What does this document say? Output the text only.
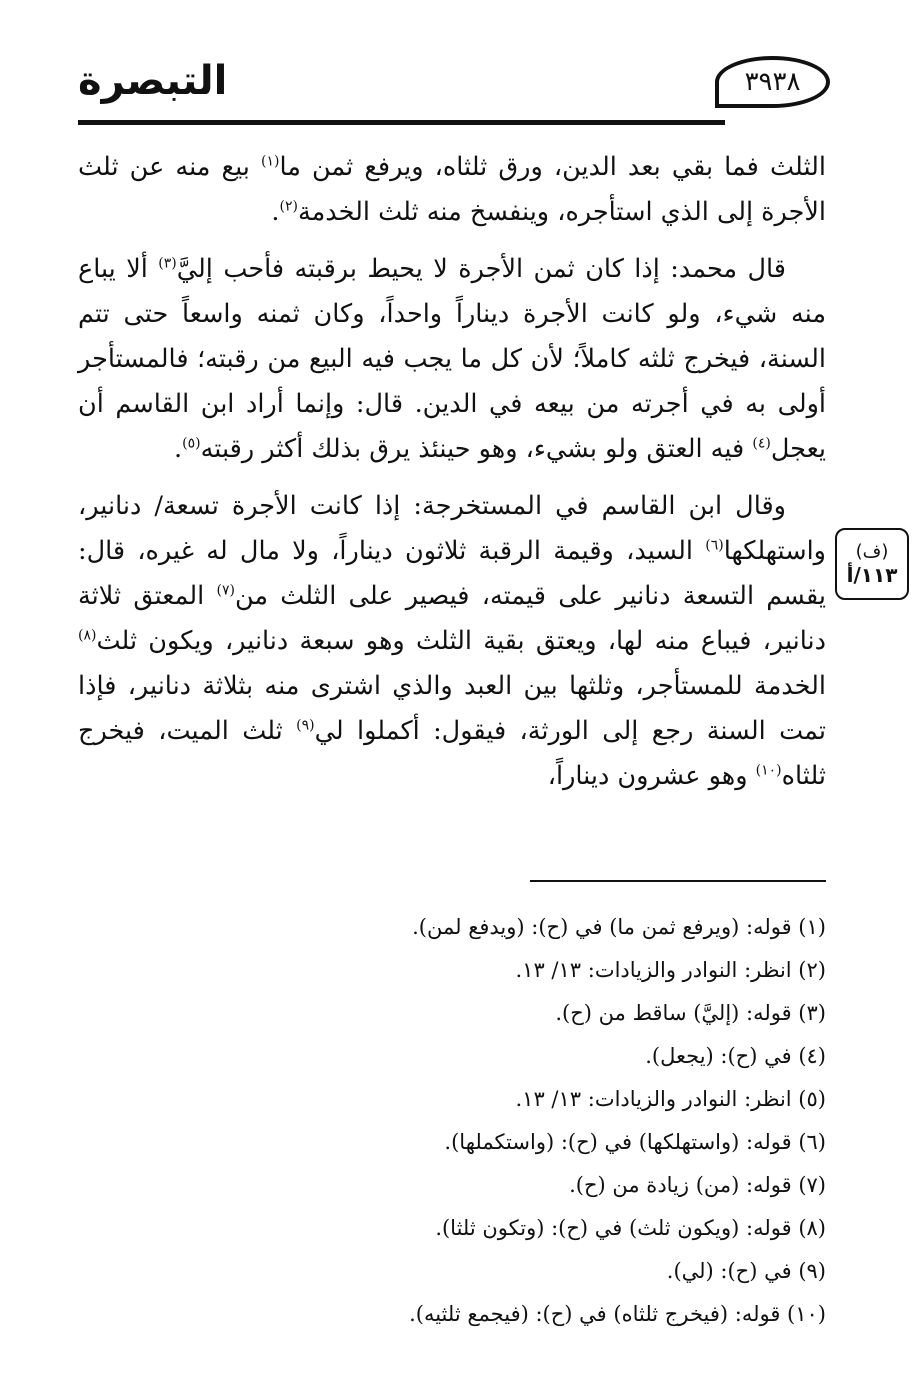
التبصرة	٣٩٣٨

الثلث فما بقي بعد الدين، ورق ثلثاه، ويرفع ثمن ما$^{(١)}$ بيع منه عن ثلث الأجرة إلى الذي استأجره، وينفسخ منه ثلث الخدمة$^{(٢)}$.

قال محمد: إذا كان ثمن الأجرة لا يحيط برقبته فأحب إليَّ$^{(٣)}$ ألا يباع منه شيء، ولو كانت الأجرة ديناراً واحداً، وكان ثمنه واسعاً حتى تتم السنة، فيخرج ثلثه كاملاً؛ لأن كل ما يجب فيه البيع من رقبته؛ فالمستأجر أولى به في أجرته من بيعه في الدين. قال: وإنما أراد ابن القاسم أن يعجل$^{(٤)}$ فيه العتق ولو بشيء، وهو حينئذ يرق بذلك أكثر رقبته$^{(٥)}$.

وقال ابن القاسم في المستخرجة: إذا كانت الأجرة تسعة/ دنانير، واستهلكها$^{(٦)}$ السيد، وقيمة الرقبة ثلاثون ديناراً، ولا مال له غيره، قال: يقسم التسعة دنانير على قيمته، فيصير على الثلث من$^{(٧)}$ المعتق ثلاثة دنانير، فيباع منه لها، ويعتق بقية الثلث وهو سبعة دنانير، ويكون ثلث$^{(٨)}$ الخدمة للمستأجر، وثلثها بين العبد والذي اشترى منه بثلاثة دنانير، فإذا تمت السنة رجع إلى الورثة، فيقول: أكملوا لي$^{(٩)}$ ثلث الميت، فيخرج ثلثاه$^{(١٠)}$ وهو عشرون ديناراً،

(ف)
١١٣/أ
(١) قوله: (ويرفع ثمن ما) في (ح): (ويدفع لمن).
(٢) انظر: النوادر والزيادات: ١٣/ ١٣.
(٣) قوله: (إليَّ) ساقط من (ح).
(٤) في (ح): (يجعل).
(٥) انظر: النوادر والزيادات: ١٣/ ١٣.
(٦) قوله: (واستهلكها) في (ح): (واستكملها).
(٧) قوله: (من) زيادة من (ح).
(٨) قوله: (ويكون ثلث) في (ح): (وتكون ثلثا).
(٩) في (ح): (لي).
(١٠) قوله: (فيخرج ثلثاه) في (ح): (فيجمع ثلثيه).
